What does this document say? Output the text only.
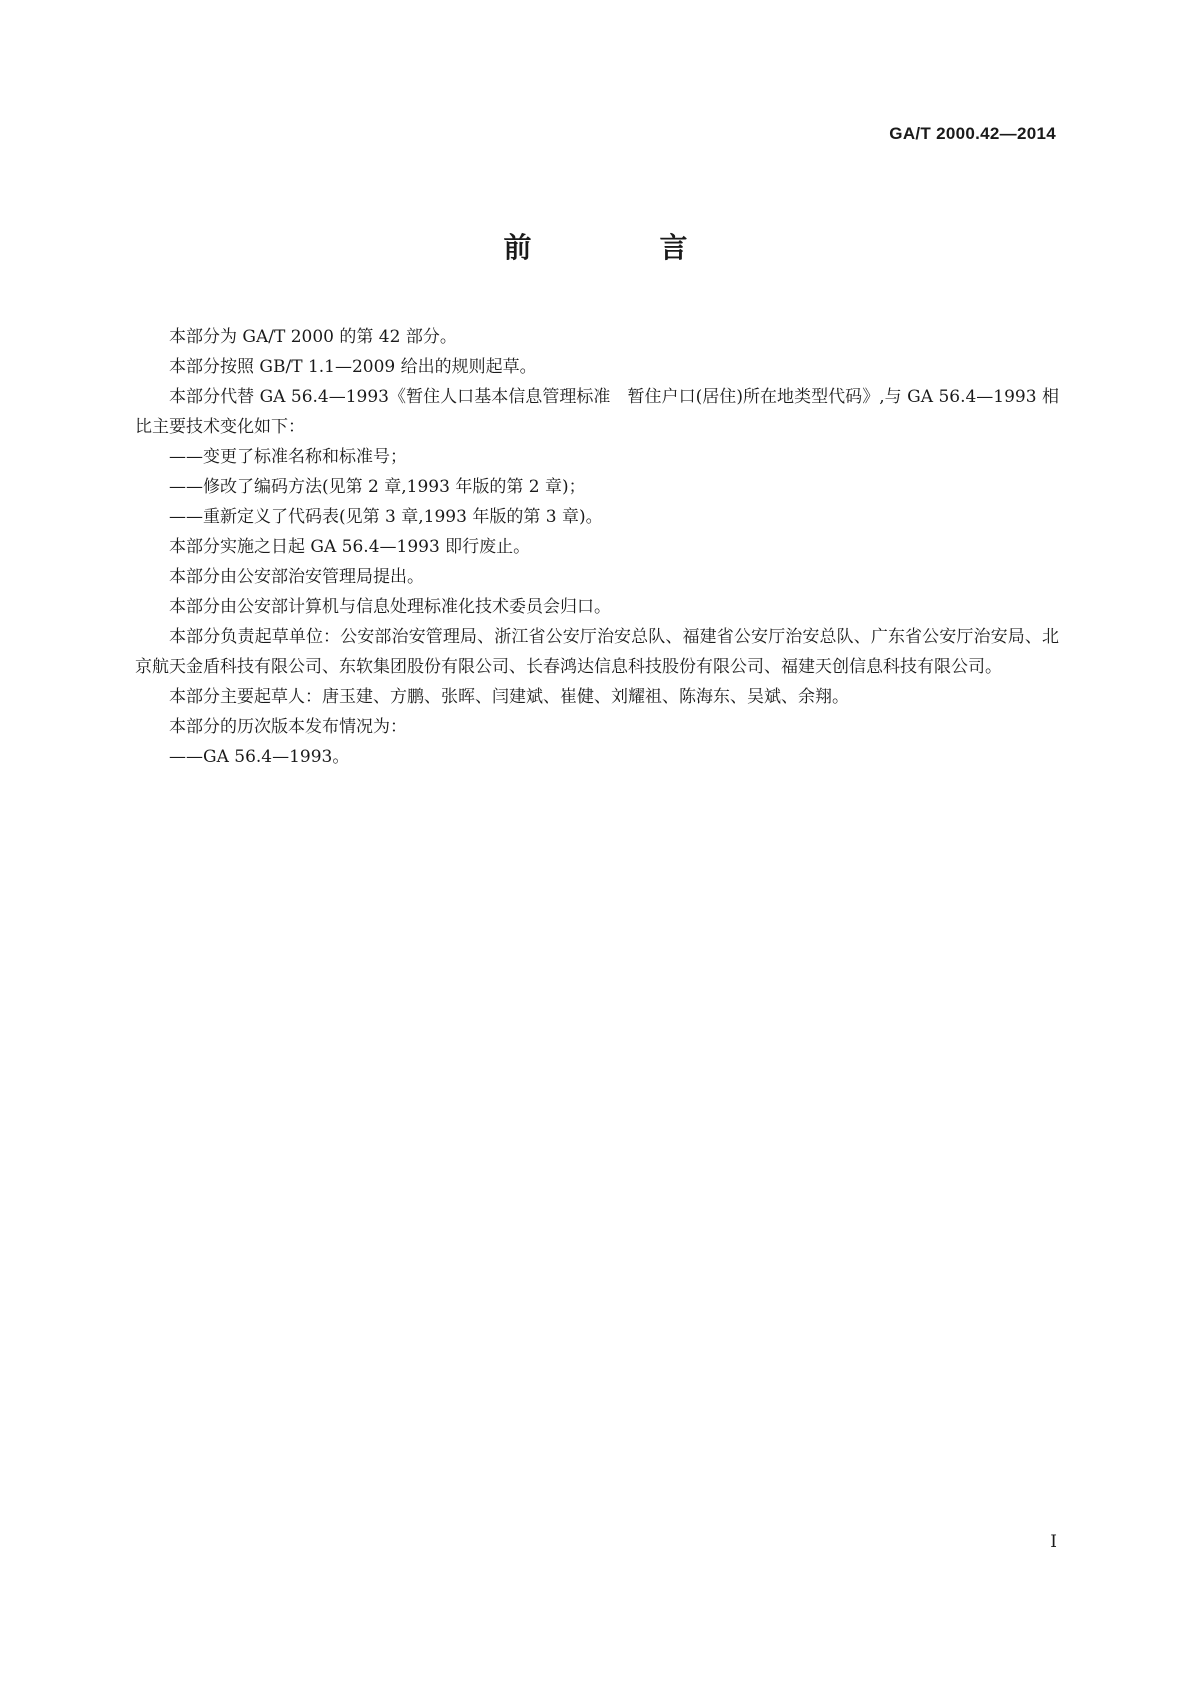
GA/T 2000.42—2014
前　言

本部分为 GA/T 2000 的第 42 部分。

本部分按照 GB/T 1.1—2009 给出的规则起草。

本部分代替 GA 56.4—1993《暂住人口基本信息管理标准　暂住户口(居住)所在地类型代码》,与 GA 56.4—1993 相比主要技术变化如下：

——变更了标准名称和标准号；

——修改了编码方法(见第 2 章,1993 年版的第 2 章)；

——重新定义了代码表(见第 3 章,1993 年版的第 3 章)。

本部分实施之日起 GA 56.4—1993 即行废止。

本部分由公安部治安管理局提出。

本部分由公安部计算机与信息处理标准化技术委员会归口。

本部分负责起草单位：公安部治安管理局、浙江省公安厅治安总队、福建省公安厅治安总队、广东省公安厅治安局、北京航天金盾科技有限公司、东软集团股份有限公司、长春鸿达信息科技股份有限公司、福建天创信息科技有限公司。

本部分主要起草人：唐玉建、方鹏、张晖、闫建斌、崔健、刘耀祖、陈海东、吴斌、余翔。

本部分的历次版本发布情况为：

——GA 56.4—1993。

I
